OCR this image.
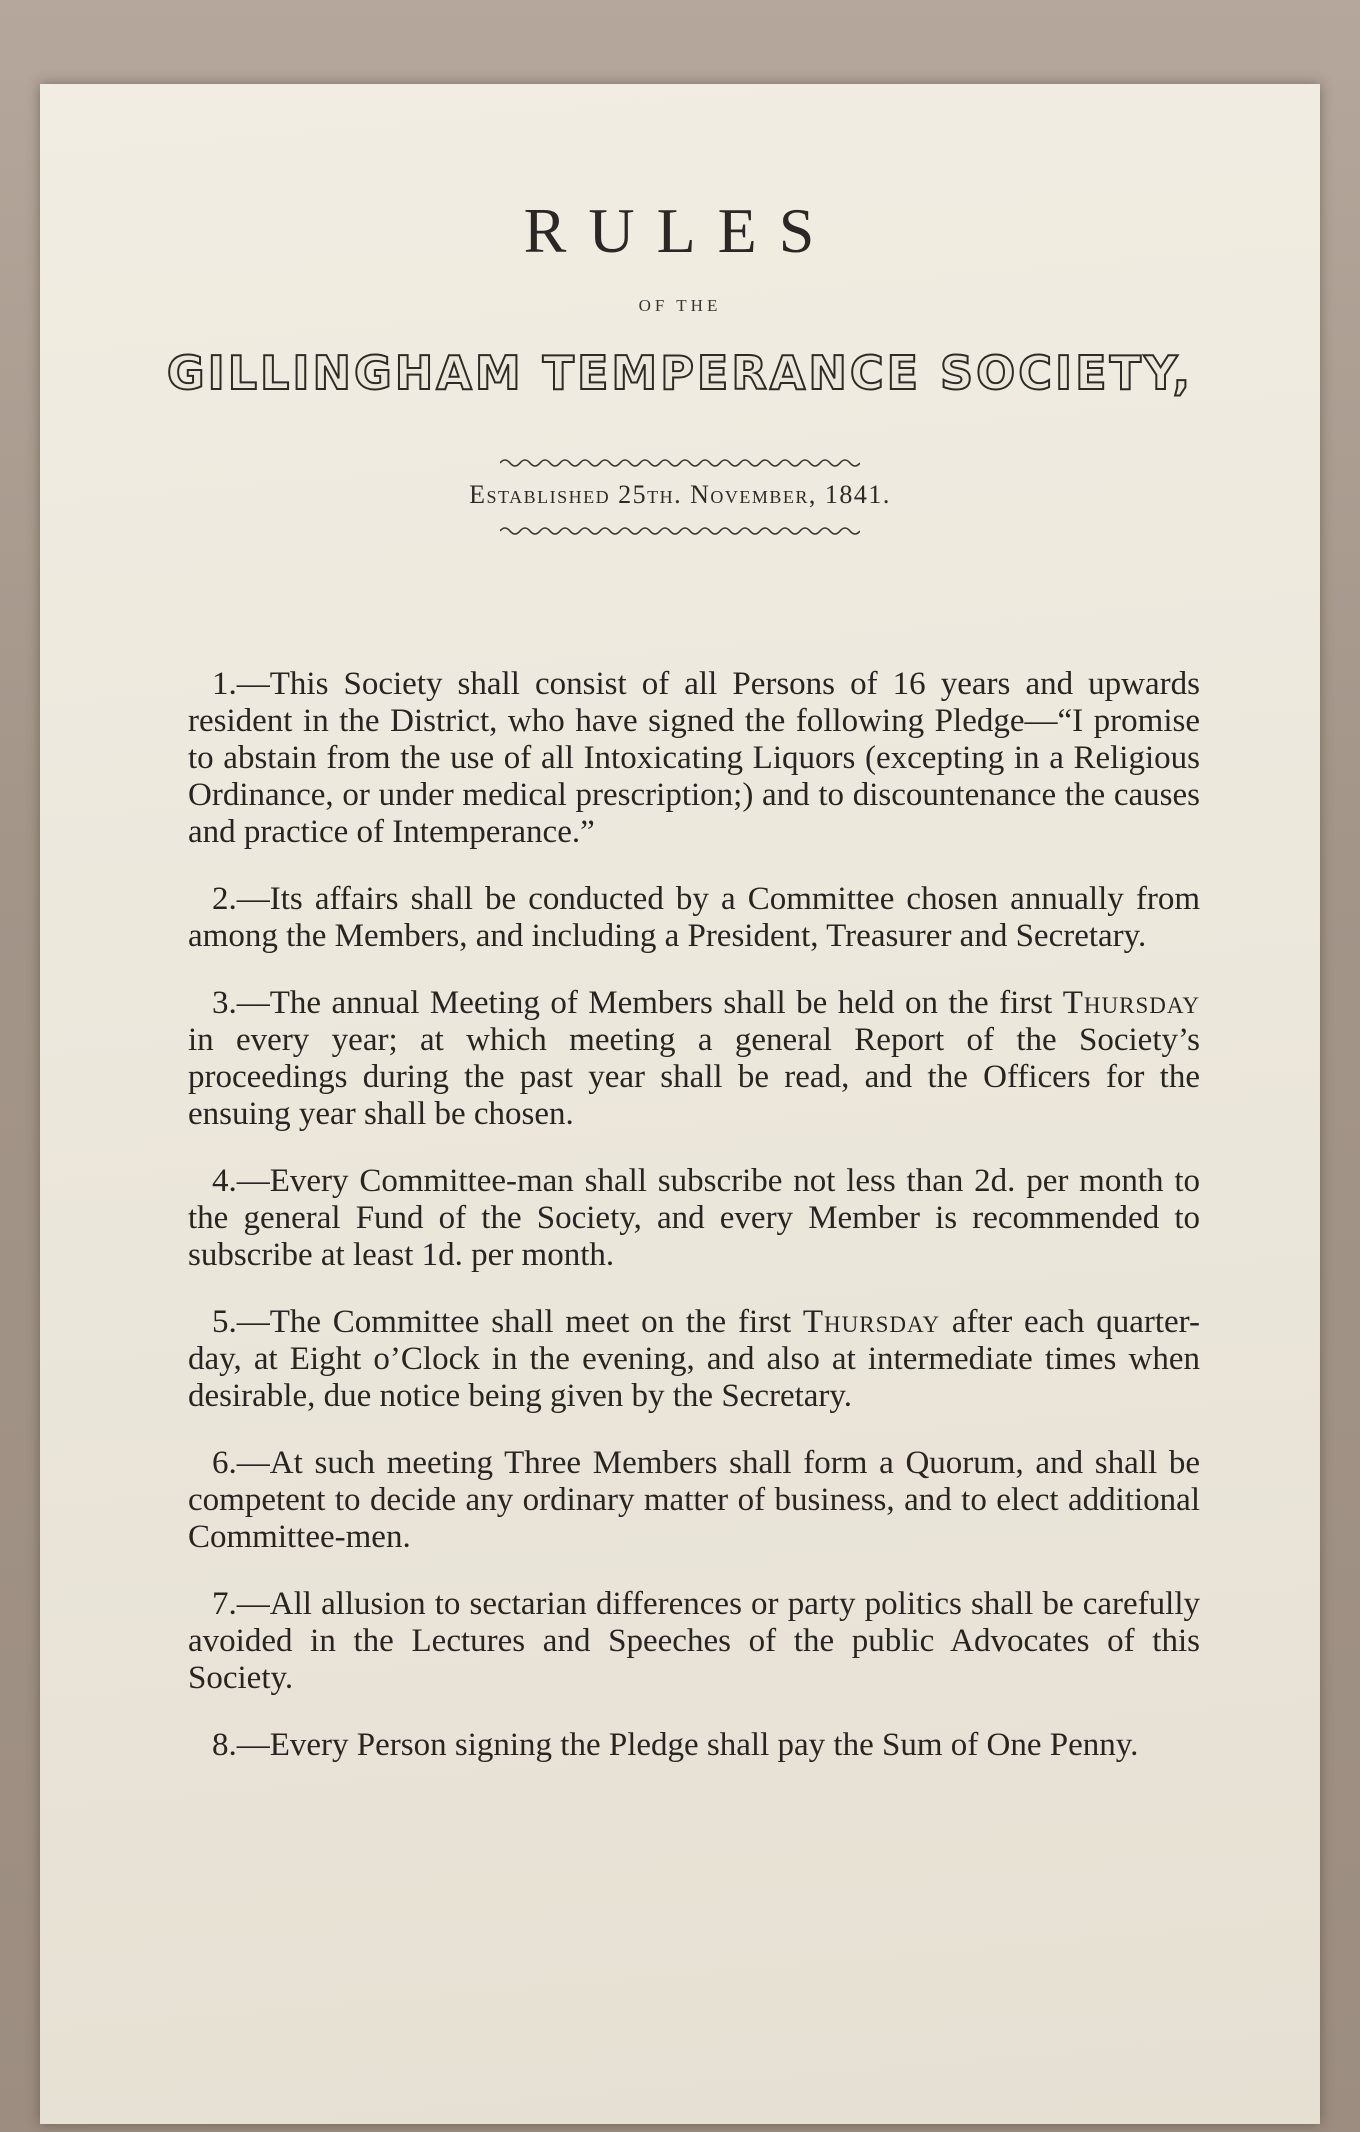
RULES
OF THE
GILLINGHAM TEMPERANCE SOCIETY,
Established 25th. November, 1841.

1.—This Society shall consist of all Persons of 16 years and upwards resident in the District, who have signed the following Pledge—“I promise to abstain from the use of all Intoxicating Liquors (excepting in a Religious Ordinance, or under medical prescription;) and to discountenance the causes and practice of Intemperance.”

2.—Its affairs shall be conducted by a Committee chosen annually from among the Members, and including a President, Treasurer and Secretary.

3.—The annual Meeting of Members shall be held on the first Thursday in every year; at which meeting a general Report of the Society’s proceedings during the past year shall be read, and the Officers for the ensuing year shall be chosen.

4.—Every Committee-man shall subscribe not less than 2d. per month to the general Fund of the Society, and every Member is recommended to subscribe at least 1d. per month.

5.—The Committee shall meet on the first Thursday after each quarter-day, at Eight o’Clock in the evening, and also at intermediate times when desirable, due notice being given by the Secretary.

6.—At such meeting Three Members shall form a Quorum, and shall be competent to decide any ordinary matter of business, and to elect additional Committee-men.

7.—All allusion to sectarian differences or party politics shall be carefully avoided in the Lectures and Speeches of the public Advocates of this Society.

8.—Every Person signing the Pledge shall pay the Sum of One Penny.
